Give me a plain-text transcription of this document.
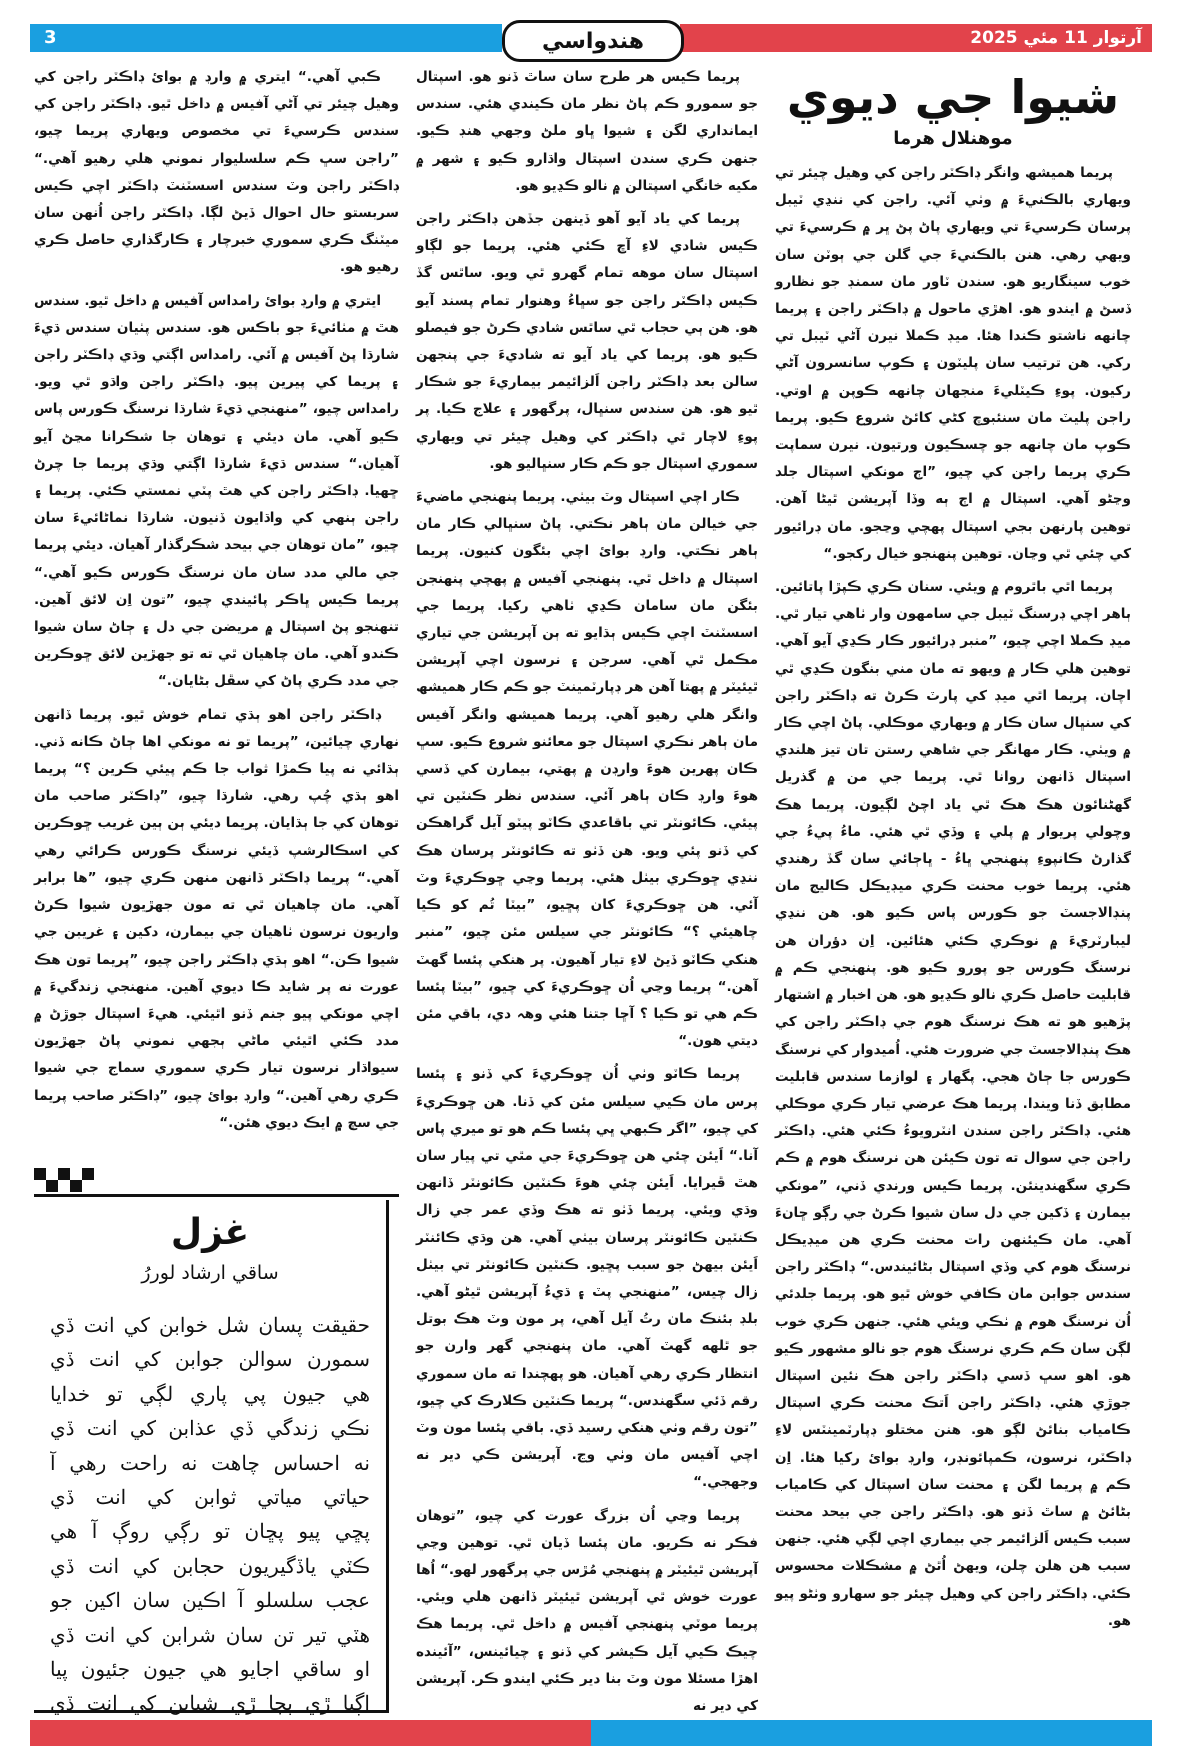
3	آرتوار 11 مئي 2025
هندواسي
شيوا جي ديوي
موهنلال هرما

پريما هميشھ وانگر ڊاڪٽر راجن کي وهيل چيئر تي ويهاري بالڪنيءَ ۾ وٺي آئي. راجن کي ننڍي ٽيبل پرسان ڪرسيءَ تي ويهاري پاڻ پڻ ڀر ۾ ڪرسيءَ تي ويهي رهي. هنن بالڪنيءَ جي گلن جي ٻوٽن سان خوب سينگاريو هو. سندن ٽاور مان سمنڊ جو نظارو ڏسڻ ۾ ايندو هو. اهڙي ماحول ۾ ڊاڪٽر راجن ۽ پريما چانهه ناشتو ڪندا هئا. ميڊ ڪملا نيرن آڻي ٽيبل تي رکي. هن ترتيب سان پليٽون ۽ ڪوپ سانسرون آڻي رکيون. پوءِ ڪيٽليءَ منجهان چانهه ڪوپن ۾ اوتي. راجن پليٽ مان سنئبوچ کڻي کائڻ شروع ڪيو. پريما ڪوپ مان چانهه جو چسڪيون ورتيون. نيرن سماپت ڪري پريما راجن کي چيو، ”اڄ مونکي اسپتال جلد وڃڻو آهي. اسپتال ۾ اڄ ٻه وڏا آپريشن ٿيڻا آهن. توهين پارنهن بجي اسپتال پهچي وڃجو. مان ڊرائيور کي چئي ٿي وڃان. توهين پنهنجو خيال رکجو.“

پريما اٿي باٿروم ۾ ويئي. سنان ڪري ڪپڙا پاتائين. ٻاهر اچي ڊرسنگ ٽيبل جي سامهون وار ٺاهي تيار ٿي. ميڊ ڪملا اچي چيو، ”منبر ڊرائيور ڪار ڪڍي آيو آهي. توهين هلي ڪار ۾ ويهو ته مان مني بنگون ڪڍي ٿي اچان. پريما اٿي ميڊ کي پارٽ ڪرڻ ته ڊاڪٽر راجن کي سنڀال سان ڪار ۾ ويهاري موڪلي. پاڻ اچي ڪار ۾ ويٺي. ڪار مهانگر جي شاهي رستن تان تيز هلندي اسپتال ڏانهن روانا ٿي. پريما جي من ۾ گذريل گهڻنائون هڪ هڪ ٿي ياد اچڻ لڳيون. پريما هڪ وچولي پريوار ۾ پلي ۽ وڏي ٿي هئي. ماءُ پيءُ جي گذارڻ ڪانپوءِ پنهنجي ڀاءُ - ڀاڄائي سان گڏ رهندي هئي. پريما خوب محنت ڪري ميڊيڪل ڪاليج مان پنڊالاجسٽ جو ڪورس پاس ڪيو هو. هن ننڍي ليبارٽريءَ ۾ نوڪري ڪئي هئائين. اِن دؤران هن نرسنگ ڪورس جو پورو ڪيو هو. پنهنجي ڪم ۾ قابليت حاصل ڪري نالو ڪڍيو هو. هن اخبار ۾ اشتهار پڙهيو هو ته هڪ نرسنگ هوم جي ڊاڪٽر راجن کي هڪ پنڊالاجسٽ جي ضرورت هئي. اُميدوار کي نرسنگ ڪورس جا ڄاڻ هجي. پگهار ۽ لوازما سندس قابليت مطابق ڏنا ويندا. پريما هڪ عرضي تيار ڪري موڪلي هئي. ڊاڪٽر راجن سندن انٽرويوءُ ڪئي هئي. ڊاڪٽر راجن جي سوال ته تون ڪيئن هن نرسنگ هوم ۾ ڪم ڪري سگهندينئن. پريما ڪيس ورندي ڏني، ”مونکي بيمارن ۽ ڏکين جي دل سان شيوا ڪرڻ جي رڳو ڇانءَ آهي. مان ڪيئنهن رات محنت ڪري هن ميڊيڪل نرسنگ هوم کي وڏي اسپتال بڻائيندس.“ ڊاڪٽر راجن سندس جوابن مان ڪافي خوش ٿيو هو. پريما جلدئي اُن نرسنگ هوم ۾ ٺڪي ويئي هئي. جنهن ڪري خوب لڳن سان ڪم ڪري نرسنگ هوم جو نالو مشهور ڪيو هو. اهو سڀ ڏسي ڊاڪٽر راجن هڪ نئين اسپتال جوڙي هئي. ڊاڪٽر راجن اَتڪ محنت ڪري اسپتال ڪامياب بنائڻ لڳو هو. هنن مختلو ڊپارٽمينٽس لاءِ ڊاڪٽر، نرسون، ڪمپائونڊر، وارڊ بوائ رکيا هئا. اِن ڪم ۾ پريما لگن ۽ محنت سان اسپتال کي ڪامياب بڻائڻ ۾ ساٿ ڏنو هو. ڊاڪٽر راجن جي بيحد محنت سبب ڪيس اَلزائيمر جي بيماري اچي لڳي هئي. جنهن سبب هن هلن چلن، ويهڻ اُٿڻ ۾ مشڪلات محسوس ڪئي. ڊاڪٽر راجن کي وهيل چيئر جو سهارو وٺڻو پيو هو.

پريما ڪيس هر طرح سان ساٿ ڏنو هو. اسپتال جو سمورو ڪم پاڻ نظر مان ڪيندي هئي. سندس ايمانداري لگن ۽ شيوا ڀاو ملڻ وجهي هنڊ ڪيو. جنهن ڪري سندن اسپتال واڌارو ڪيو ۽ شهر ۾ مکيه خانگي اسپتالن ۾ نالو ڪڍيو هو.

پريما کي ياد آيو آهو ڏينهن جڏهن ڊاڪٽر راجن ڪيس شادي لاءِ آڇ ڪئي هئي. پريما جو لڳاو اسپتال سان موهه تمام گهرو ٿي ويو. ساٿس گڏ ڪيس ڊاڪٽر راجن جو سڀاءُ وهنوار تمام پسند آيو هو. هن ٻي حجاب ٿي ساٿس شادي ڪرڻ جو فيصلو ڪيو هو. پريما کي ياد آيو ته شاديءَ جي پنجهن سالن بعد ڊاڪٽر راجن اَلزائيمر بيماريءَ جو شڪار ٿيو هو. هن سندس سنڀال، پرگهور ۽ علاج ڪيا. پر پوءِ لاچار ٿي ڊاڪٽر کي وهيل چيئر تي ويهاري سموري اسپتال جو ڪم ڪار سنڀاليو هو.

ڪار اچي اسپتال وٽ بيٺي. پريما پنهنجي ماضيءَ جي خيالن مان ٻاهر نڪتي. پاڻ سنڀالي ڪار مان ٻاهر نڪتي. وارڊ بوائ اچي بئگون کنيون. پريما اسپتال ۾ داخل ٿي. پنهنجي آفيس ۾ پهچي پنهنجن بئگن مان سامان ڪڍي ٺاهي رکيا. پريما جي اسسٽنٽ اچي ڪيس ٻڌايو ته ٻن آپريشن جي تياري مڪمل ٿي آهي. سرجن ۽ نرسون اچي آپريشن ٿيئيٽر ۾ پهتا آهن هر ڊپارٽمينٽ جو ڪم ڪار هميشھ وانگر هلي رهيو آهي. پريما هميشھ وانگر آفيس مان ٻاهر نڪري اسپتال جو معائنو شروع ڪيو. سڀ ڪان پهرين هوءَ وارڊن ۾ پهتي، بيمارن کي ڏسي هوءَ وارڊ ڪان ٻاهر آئي. سندس نظر ڪنٽين تي پيئي. ڪائونٽر تي باقاعدي ڪاٽو پيٽو آيل گراهڪن کي ڏنو پئي ويو. هن ڏٺو ته ڪائونٽر پرسان هڪ ننڍي ڇوڪري بيٺل هئي. پريما وڃي ڇوڪريءَ وٽ آئي. هن ڇوڪريءَ کان پڇيو، ”بيٽا تُم کو ڪيا چاهيئي ؟“ ڪائونٽر جي سيلس مئن چيو، ”منبر هنکي ڪاٽو ڏيڻ لاءِ تيار آهيون. پر هنکي پئسا گهٽ آهن.“ پريما وڃي اُن ڇوڪريءَ کي چيو، ”بيٽا پئسا ڪم هي تو ڪيا ؟ آڇا جتنا هئي وهہ دي، باقي مئن ديتي هون.“

پريما ڪاٽو وٺي اُن ڇوڪريءَ کي ڏنو ۽ پئسا پرس مان ڪيي سيلس مئن کي ڏنا. هن ڇوڪريءَ کي چيو، ”اگر ڪبهي ڀي پئسا ڪم هو تو ميري پاس آنا.“ اَيئن چئي هن ڇوڪريءَ جي مٿي تي پيار سان هٿ ڦيرايا. اَيئن چئي هوءَ ڪنٽين ڪائونٽر ڏانهن وڌي ويئي. پريما ڏٺو ته هڪ وڏي عمر جي زال ڪنٽين ڪائونٽر پرسان بيٺي آهي. هن وڌي ڪائنٽر اَيئن بيهڻ جو سبب پڇيو. ڪنٽين ڪائونٽر تي بيٺل زال چيس، ”منهنجي پٽ ۽ ڌيءُ آپريشن ٿيڻو آهي. بلڊ بئنڪ مان رتُ آيل آهي، پر مون وٽ هڪ بوتل جو ٿلهه گهٽ آهي. مان پنهنجي گهر وارن جو انتظار ڪري رهي آهيان. هو پهچندا ته مان سموري رقم ڏئي سگهندس.“ پريما ڪنٽين ڪلارڪ کي چيو، ”تون رقم وٺي هنکي رسيد ڏي. باقي پئسا مون وٽ اچي آفيس مان وٺي وڃ. آپريشن ڪي دير نه وجهجي.“

پريما وڃي اُن بزرگ عورت کي چيو، ”توهان فڪر نه ڪريو. مان پئسا ڏيان ٿي. توهين وڃي آپريشن ٿيئيٽر ۾ پنهنجي مُڙس جي پرگهور لهو.“ اُها عورت خوش ٿي آپريشن ٿيئيٽر ڏانهن هلي ويئي. پريما موٽي پنهنجي آفيس ۾ داخل ٿي. پريما هڪ چيڪ ڪيي آيل ڪيشر کي ڏنو ۽ چيائينس، ”آئينده اهڙا مسئلا مون وٽ بنا دير ڪئي ايندو ڪر. آپريشن کي دير نه

ڪبي آهي.“ ايتري ۾ وارڊ ۾ بوائ ڊاڪٽر راجن کي وهيل چيئر تي آڻي آفيس ۾ داخل ٿيو. ڊاڪٽر راجن کي سندس ڪرسيءَ تي مخصوص ويهاري پريما چيو، ”راجن سڀ ڪم سلسليوار نموني هلي رهيو آهي.“ ڊاڪٽر راجن وٽ سندس اسسٽنٽ ڊاڪٽر اچي ڪيس سربستو حال احوال ڏيڻ لڳا. ڊاڪٽر راجن اُنهن سان ميٽنگ ڪري سموري خبرچار ۽ ڪارگذاري حاصل ڪري رهيو هو.

ايتري ۾ وارڊ بوائ رامداس آفيس ۾ داخل ٿيو. سندس هٿ ۾ مٺائيءَ جو باڪس هو. سندس پٺيان سندس ڌيءَ شارڌا پڻ آفيس ۾ آئي. رامداس اڳتي وڌي ڊاڪٽر راجن ۽ پريما کي پيرين پيو. ڊاڪٽر راجن واڌو ٿي ويو. رامداس چيو، ”منهنجي ڌيءَ شارڌا نرسنگ ڪورس پاس ڪيو آهي. مان ديئي ۽ توهان جا شڪرانا مڃڻ آيو آهيان.“ سندس ڌيءَ شارڌا اڳتي وڌي پريما جا چرڻ ڇهيا. ڊاڪٽر راجن کي هٿ پٽي نمستي ڪئي. پريما ۽ راجن ٻنهي کي واڌايون ڏنيون. شارڌا نماڻائيءَ سان چيو، ”مان توهان جي بيحد شڪرگذار آهيان. ديئي پريما جي مالي مدد سان مان نرسنگ ڪورس ڪيو آهي.“ پريما ڪيس ڀاڪر پائيندي چيو، ”تون اِن لائق آهين. تنهنجو پڻ اسپتال ۾ مريضن جي دل ۽ ڄاڻ سان شيوا ڪندو آهي. مان چاهيان ٿي ته تو جهڙين لائق ڇوڪرين جي مدد ڪري پاڻ کي سڦل بڻايان.“

ڊاڪٽر راجن اهو ٻڌي تمام خوش ٿيو. پريما ڏانهن نهاري چيائين، ”پريما تو نه مونکي اها ڄاڻ ڪانه ڏني. ٻڌائي نه پيا ڪمڙا ثواب جا ڪم پيئي ڪرين ؟“ پريما اهو ٻڌي چُپ رهي. شارڌا چيو، ”ڊاڪٽر صاحب مان توهان کي جا ٻڌايان. پريما ديئي ٻن ٻين غريب ڇوڪرين کي اسڪالرشپ ڏيئي نرسنگ ڪورس ڪرائي رهي آهي.“ پريما ڊاڪٽر ڏانهن منهن ڪري چيو، ”ها برابر آهي. مان چاهيان ٿي ته مون جهڙيون شيوا ڪرڻ واريون نرسون ٺاهيان جي بيمارن، دکين ۽ غريبن جي شيوا ڪن.“ اهو ٻڌي ڊاڪٽر راجن چيو، ”پريما تون هڪ عورت نه پر شايد ڪا ديوي آهين. منهنجي زندگيءَ ۾ اچي مونکي پيو جنم ڏنو اٿيئي. هيءَ اسپتال جوڙڻ ۾ مدد ڪئي اٿيئي ماڻي ٻجهي نموني پاڻ جهڙيون سيواڌار نرسون تيار ڪري سموري سماج جي شيوا ڪري رهي آهين.“ وارڊ بوائ چيو، ”ڊاڪٽر صاحب پريما جي سچ ۾ ايڪ ديوي هئن.“

غزل
ساقي ارشاد لوررُ
حقيقت پسان شل خوابن کي انت ڏي
سمورن سوالن جوابن کي انت ڏي
هي جيون پي پاري لڳي تو خدايا
نڪي زندگي ڏي عذابن کي انت ڏي
نه احساس چاهت نه راحت رهي آ
حياتي مياتي ثوابن کي انت ڏي
پڇي پيو پڇان تو رڳي روڳ آ هي
ڪٽي ياڏگيريون حجابن کي انت ڏي
عجب سلسلو آ اڪين سان اکين جو
هٽي تير تن سان شرابن کي انت ڏي
او ساقي اجايو هي جيون جئيون پيا
اڳيا ڙي پچا ڙي شبابن کي انت ڏي
